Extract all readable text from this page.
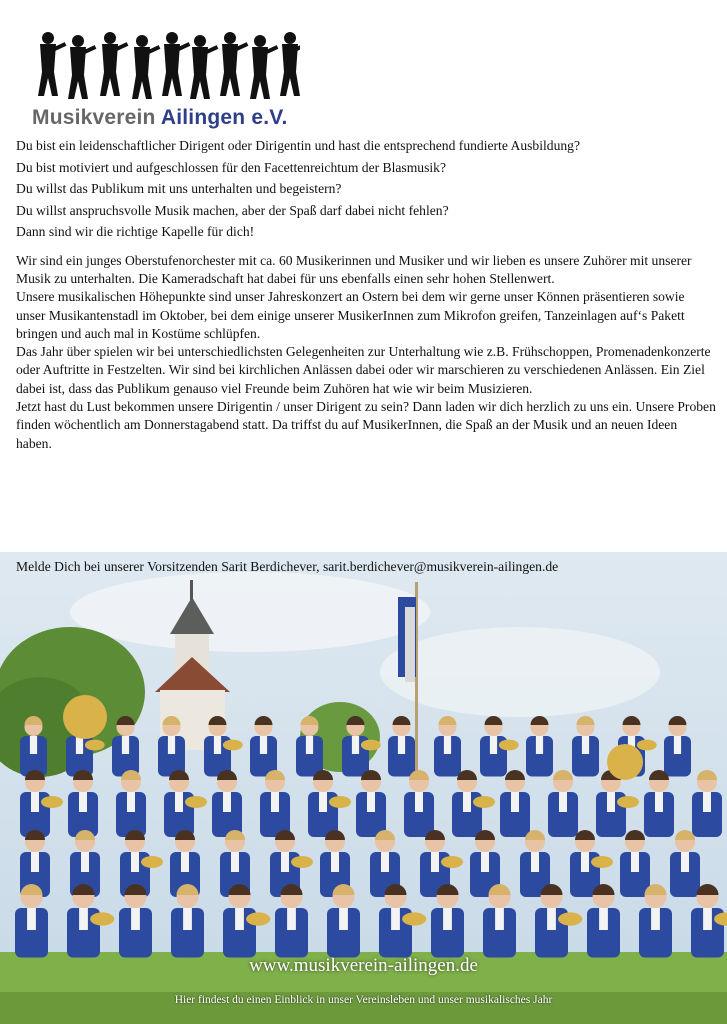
Musikverein Ailingen e.V.

Du bist ein leidenschaftlicher Dirigent oder Dirigentin und hast die entsprechend fundierte Ausbildung?

Du bist motiviert und aufgeschlossen für den Facettenreichtum der Blasmusik?

Du willst das Publikum mit uns unterhalten und begeistern?

Du willst anspruchsvolle Musik machen, aber der Spaß darf dabei nicht fehlen?

Dann sind wir die richtige Kapelle für dich!

Wir sind ein junges Oberstufenorchester mit ca. 60 Musikerinnen und Musiker und wir lieben es unsere Zuhörer mit unserer Musik zu unterhalten. Die Kameradschaft hat dabei für uns ebenfalls einen sehr hohen Stellenwert.

Unsere musikalischen Höhepunkte sind unser Jahreskonzert an Ostern bei dem wir gerne unser Können präsentieren sowie unser Musikantenstadl im Oktober, bei dem einige unserer MusikerInnen zum Mikrofon greifen, Tanzeinlagen auf‘s Pakett bringen und auch mal in Kostüme schlüpfen.

Das Jahr über spielen wir bei unterschiedlichsten Gelegenheiten zur Unterhaltung wie z.B. Frühschoppen, Promenadenkonzerte oder Auftritte in Festzelten. Wir sind bei kirchlichen Anlässen dabei oder wir marschieren zu verschiedenen Anlässen. Ein Ziel dabei ist, dass das Publikum genauso viel Freunde beim Zuhören hat wie wir beim Musizieren.

Jetzt hast du Lust bekommen unsere Dirigentin / unser Dirigent zu sein? Dann laden wir dich herzlich zu uns ein. Unsere Proben finden wöchentlich am Donnerstagabend statt. Da triffst du auf MusikerInnen, die Spaß an der Musik und an neuen Ideen haben.

Melde Dich bei unserer Vorsitzenden Sarit Berdichever, sarit.berdichever@musikverein-ailingen.de
www.musikverein-ailingen.de
Hier findest du einen Einblick in unser Vereinsleben und unser musikalisches Jahr
